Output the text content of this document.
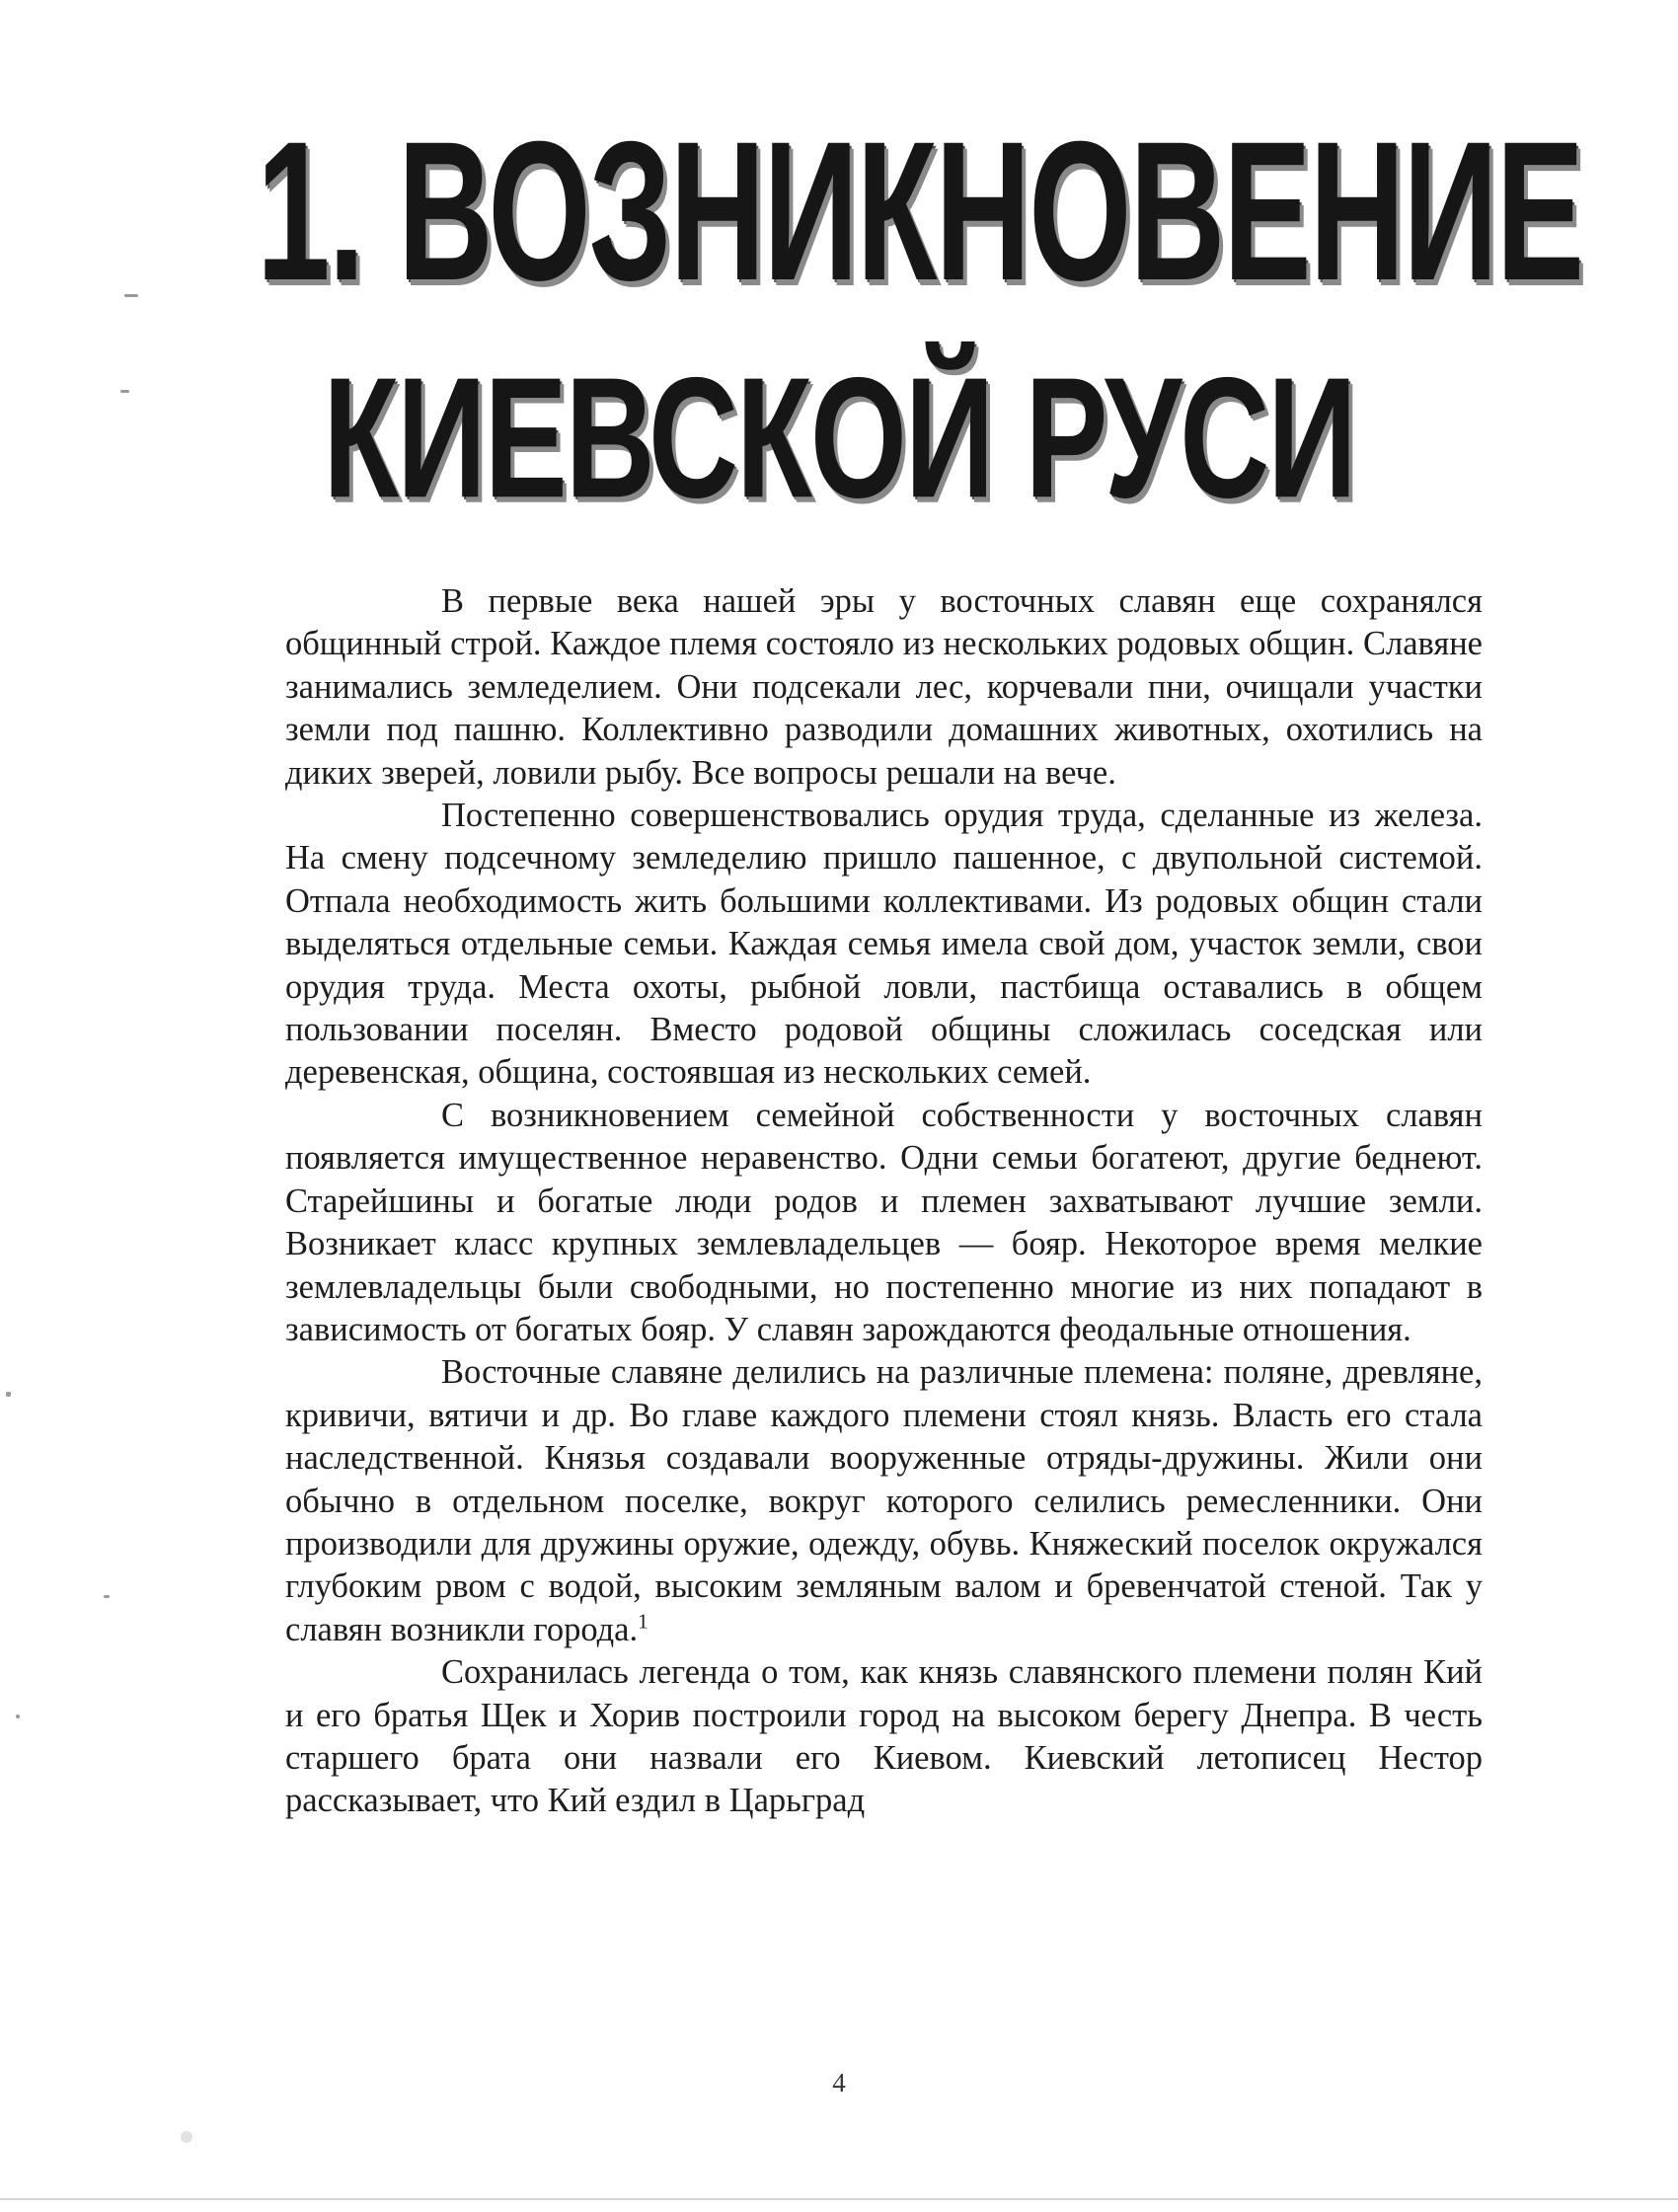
1. ВОЗНИКНОВЕНИЕ
КИЕВСКОЙ РУСИ

В первые века нашей эры у восточных славян еще сохранялся общинный строй. Каждое племя состояло из нескольких родовых общин. Славяне занимались земледелием. Они подсекали лес, корчевали пни, очищали участки земли под пашню. Коллективно разводили домашних животных, охотились на диких зверей, ловили рыбу. Все вопросы решали на вече.

Постепенно совершенствовались орудия труда, сделанные из железа. На смену подсечному земледелию пришло пашенное, с двупольной системой. Отпала необходимость жить большими коллективами. Из родовых общин стали выделяться отдельные семьи. Каждая семья имела свой дом, участок земли, свои орудия труда. Места охоты, рыбной ловли, пастбища оставались в общем пользовании поселян. Вместо родовой общины сложилась соседская или деревенская, община, состоявшая из нескольких семей.

С возникновением семейной собственности у восточных славян появляется имущественное неравенство. Одни семьи богатеют, другие беднеют. Старейшины и богатые люди родов и племен захватывают лучшие земли. Возникает класс крупных землевладельцев — бояр. Некоторое время мелкие землевладельцы были свободными, но постепенно многие из них попадают в зависимость от богатых бояр. У славян зарождаются феодальные отношения.

Восточные славяне делились на различные племена: поляне, древляне, кривичи, вятичи и др. Во главе каждого племени стоял князь. Власть его стала наследственной. Князья создавали вооруженные отряды-дружины. Жили они обычно в отдельном поселке, вокруг которого селились ремесленники. Они производили для дружины оружие, одежду, обувь. Княжеский поселок окружался глубоким рвом с водой, высоким земляным валом и бревенчатой стеной. Так у славян возникли города.$^1$

Сохранилась легенда о том, как князь славянского племени полян Кий и его братья Щек и Хорив построили город на высоком берегу Днепра. В честь старшего брата они назвали его Киевом. Киевский летописец Нестор рассказывает, что Кий ездил в Царьград

4
